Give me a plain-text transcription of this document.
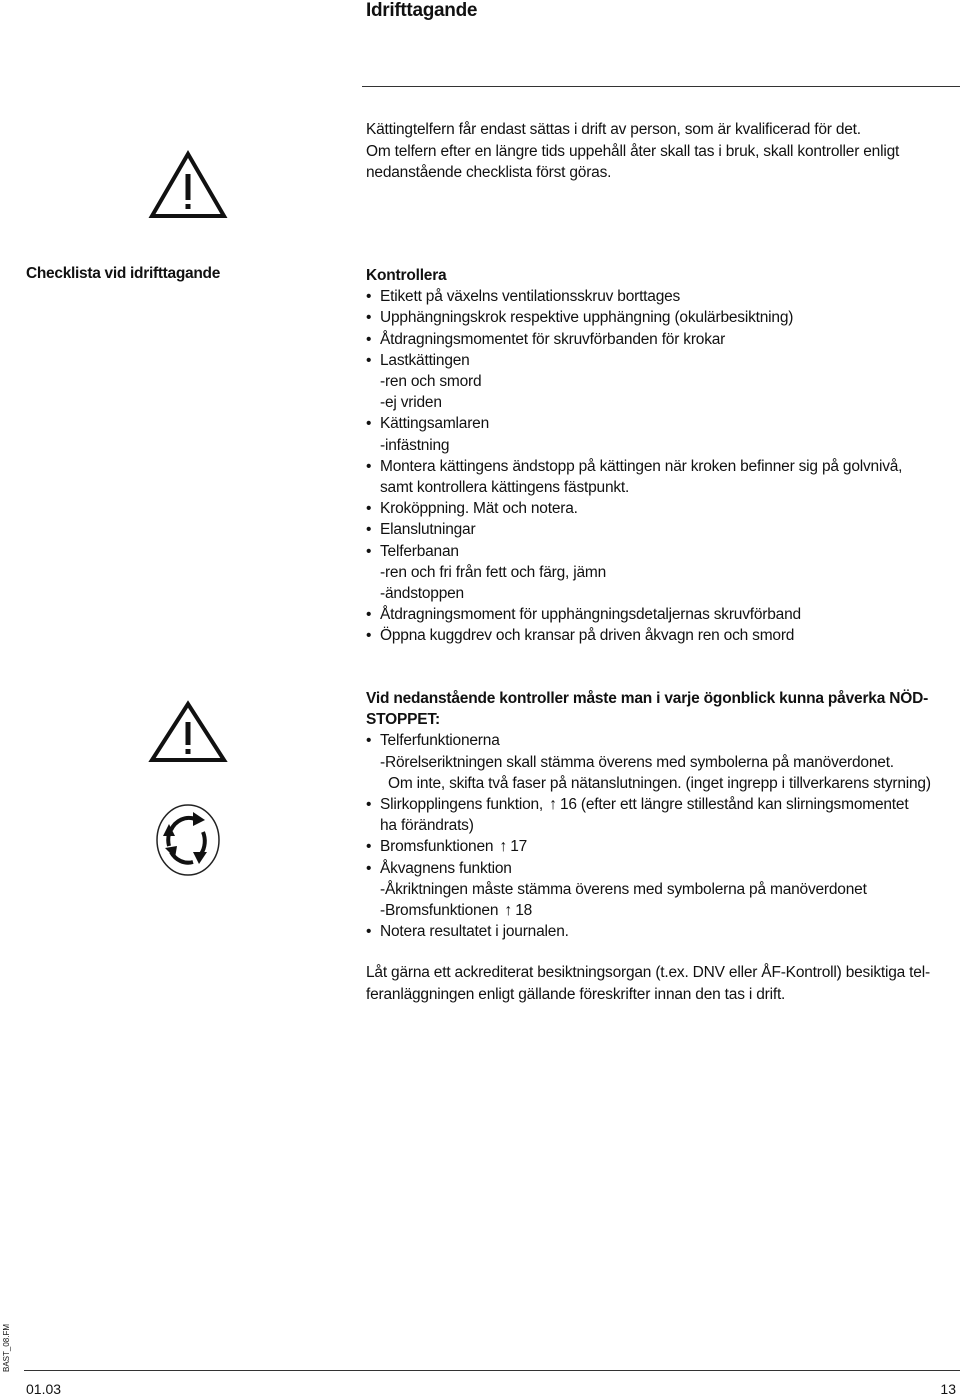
Idrifttagande
Kättingtelfern får endast sättas i drift av person, som är kvalificerad för det.
Om telfern efter en längre tids uppehåll åter skall tas i bruk, skall kontroller enligt
nedanstående checklista först göras.
Checklista vid idrifttagande	Kontrollera
• Etikett på växelns ventilationsskruv borttages
• Upphängningskrok respektive upphängning (okulärbesiktning)
• Åtdragningsmomentet för skruvförbanden för krokar
• Lastkättingen
-ren och smord
-ej vriden
• Kättingsamlaren
-infästning
• Montera kättingens ändstopp på kättingen när kroken befinner sig på golvnivå,
samt kontrollera kättingens fästpunkt.
• Kroköppning. Mät och notera.
• Elanslutningar
• Telferbanan
-ren och fri från fett och färg, jämn
-ändstoppen
• Åtdragningsmoment för upphängningsdetaljernas skruvförband
• Öppna kuggdrev och kransar på driven åkvagn ren och smord
Vid nedanstående kontroller måste man i varje ögonblick kunna påverka NÖD-
STOPPET:
• Telferfunktionerna
-Rörelseriktningen skall stämma överens med symbolerna på manöverdonet.
Om inte, skifta två faser på nätanslutningen. (inget ingrepp i tillverkarens styrning)
• Slirkopplingens funktion, ↑ 16 (efter ett längre stillestånd kan slirningsmomentet
ha förändrats)
• Bromsfunktionen ↑ 17
• Åkvagnens funktion
-Åkriktningen måste stämma överens med symbolerna på manöverdonet
-Bromsfunktionen ↑ 18
• Notera resultatet i journalen.
Låt gärna ett ackrediterat besiktningsorgan (t.ex. DNV eller ÅF-Kontroll) besiktiga tel-
feranläggningen enligt gällande föreskrifter innan den tas i drift.
BAST_08.FM
01.03	13
